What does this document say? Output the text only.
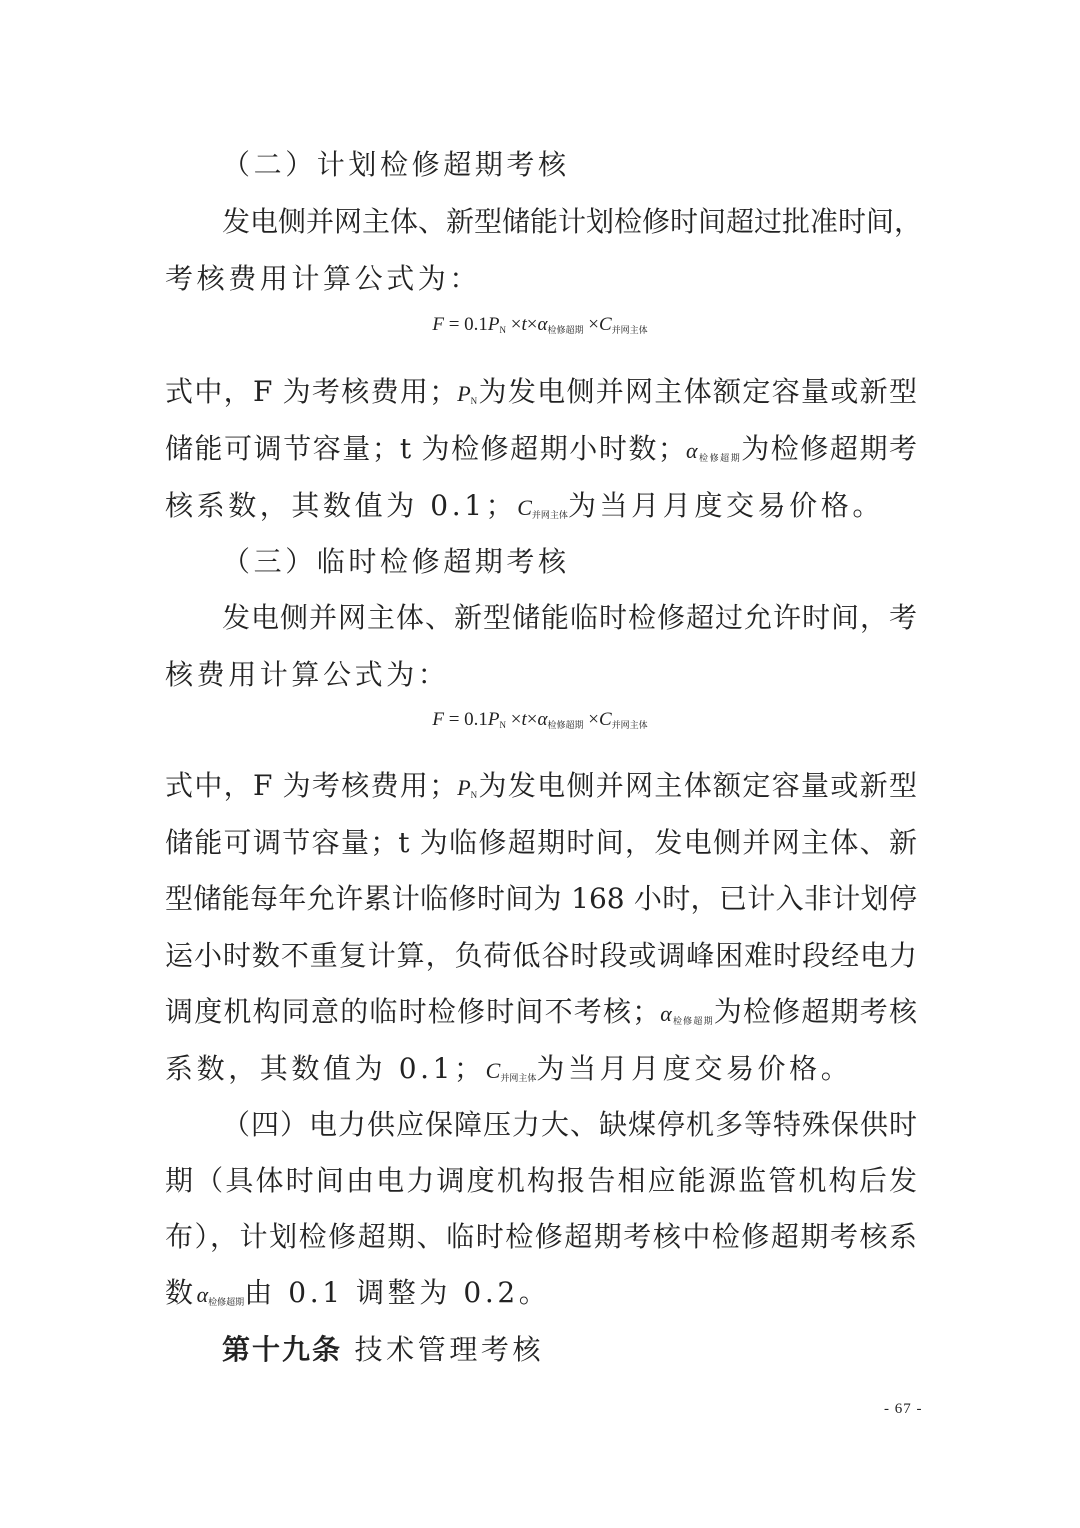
（二）计划检修超期考核
发电侧并网主体、新型储能计划检修时间超过批准时间，
考核费用计算公式为：
$F = 0.1P_N \times t\times\alpha_{检修超期} \times C_{并网主体}$
式中，F 为考核费用；$P_N$为发电侧并网主体额定容量或新型
储能可调节容量；t 为检修超期小时数；$\alpha_{检修超期}$为检修超期考
核系数，其数值为 0.1；$C_{并网主体}$为当月月度交易价格。
（三）临时检修超期考核
发电侧并网主体、新型储能临时检修超过允许时间，考
核费用计算公式为：
$F = 0.1P_N \times t\times\alpha_{检修超期} \times C_{并网主体}$
式中，F 为考核费用；$P_N$为发电侧并网主体额定容量或新型
储能可调节容量；t 为临修超期时间，发电侧并网主体、新
型储能每年允许累计临修时间为 168 小时，已计入非计划停
运小时数不重复计算，负荷低谷时段或调峰困难时段经电力
调度机构同意的临时检修时间不考核；$\alpha_{检修超期}$为检修超期考核
系数，其数值为 0.1；$C_{并网主体}$为当月月度交易价格。
（四）电力供应保障压力大、缺煤停机多等特殊保供时
期（具体时间由电力调度机构报告相应能源监管机构后发
布），计划检修超期、临时检修超期考核中检修超期考核系
数$\alpha_{检修超期}$由 0.1 调整为 0.2。
第十九条 技术管理考核
- 67 -
